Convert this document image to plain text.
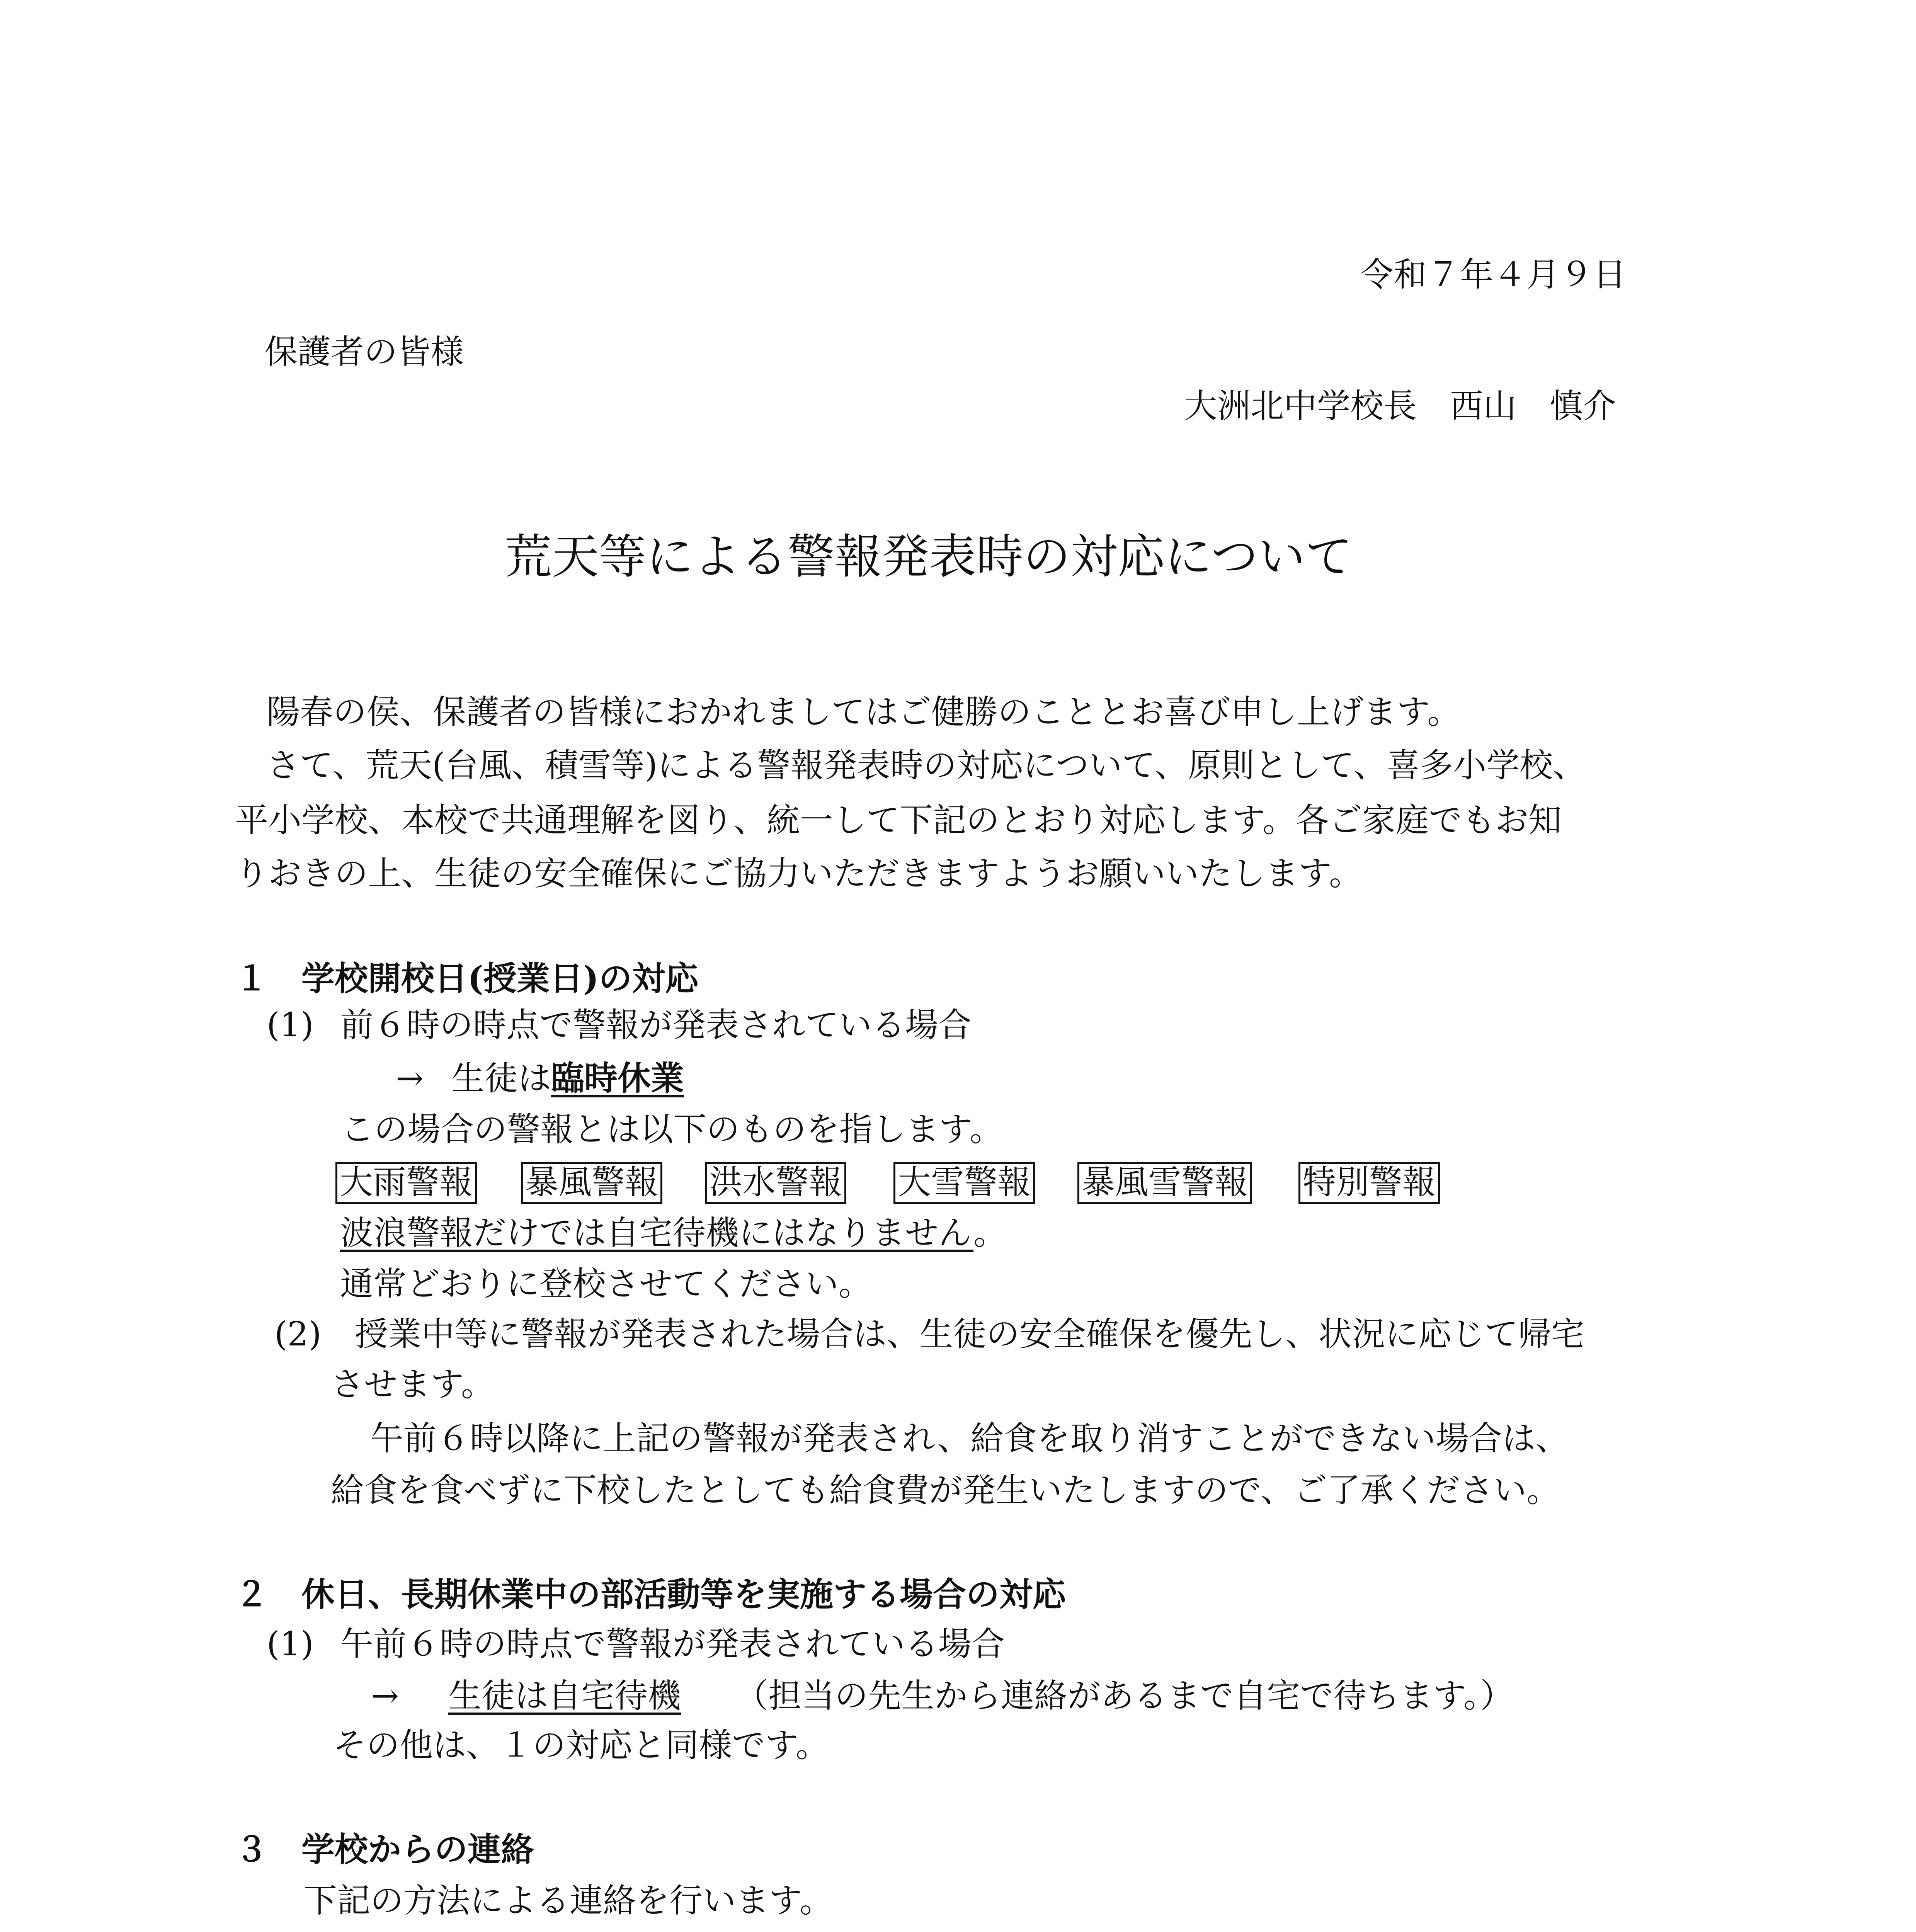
令和７年４月９日
保護者の皆様
大洲北中学校長　西山　慎介
荒天等による警報発表時の対応について
陽春の侯、保護者の皆様におかれましてはご健勝のこととお喜び申し上げます。
さて、荒天(台風、積雪等)による警報発表時の対応について、原則として、喜多小学校、
平小学校、本校で共通理解を図り、統一して下記のとおり対応します。各ご家庭でもお知
りおきの上、生徒の安全確保にご協力いただきますようお願いいたします。
１　学校開校日(授業日)の対応
(1) 前６時の時点で警報が発表されている場合
→ 生徒は臨時休業
この場合の警報とは以下のものを指します。
大雨警報 暴風警報 洪水警報 大雪警報 暴風雪警報 特別警報
波浪警報だけでは自宅待機にはなりません。
通常どおりに登校させてください。
(2) 授業中等に警報が発表された場合は、生徒の安全確保を優先し、状況に応じて帰宅
させます。
午前６時以降に上記の警報が発表され、給食を取り消すことができない場合は、
給食を食べずに下校したとしても給食費が発生いたしますので、ご了承ください。
２　休日、長期休業中の部活動等を実施する場合の対応
(1) 午前６時の時点で警報が発表されている場合
→ 生徒は自宅待機 （担当の先生から連絡があるまで自宅で待ちます。）
その他は、１の対応と同様です。
３　学校からの連絡
下記の方法による連絡を行います。
